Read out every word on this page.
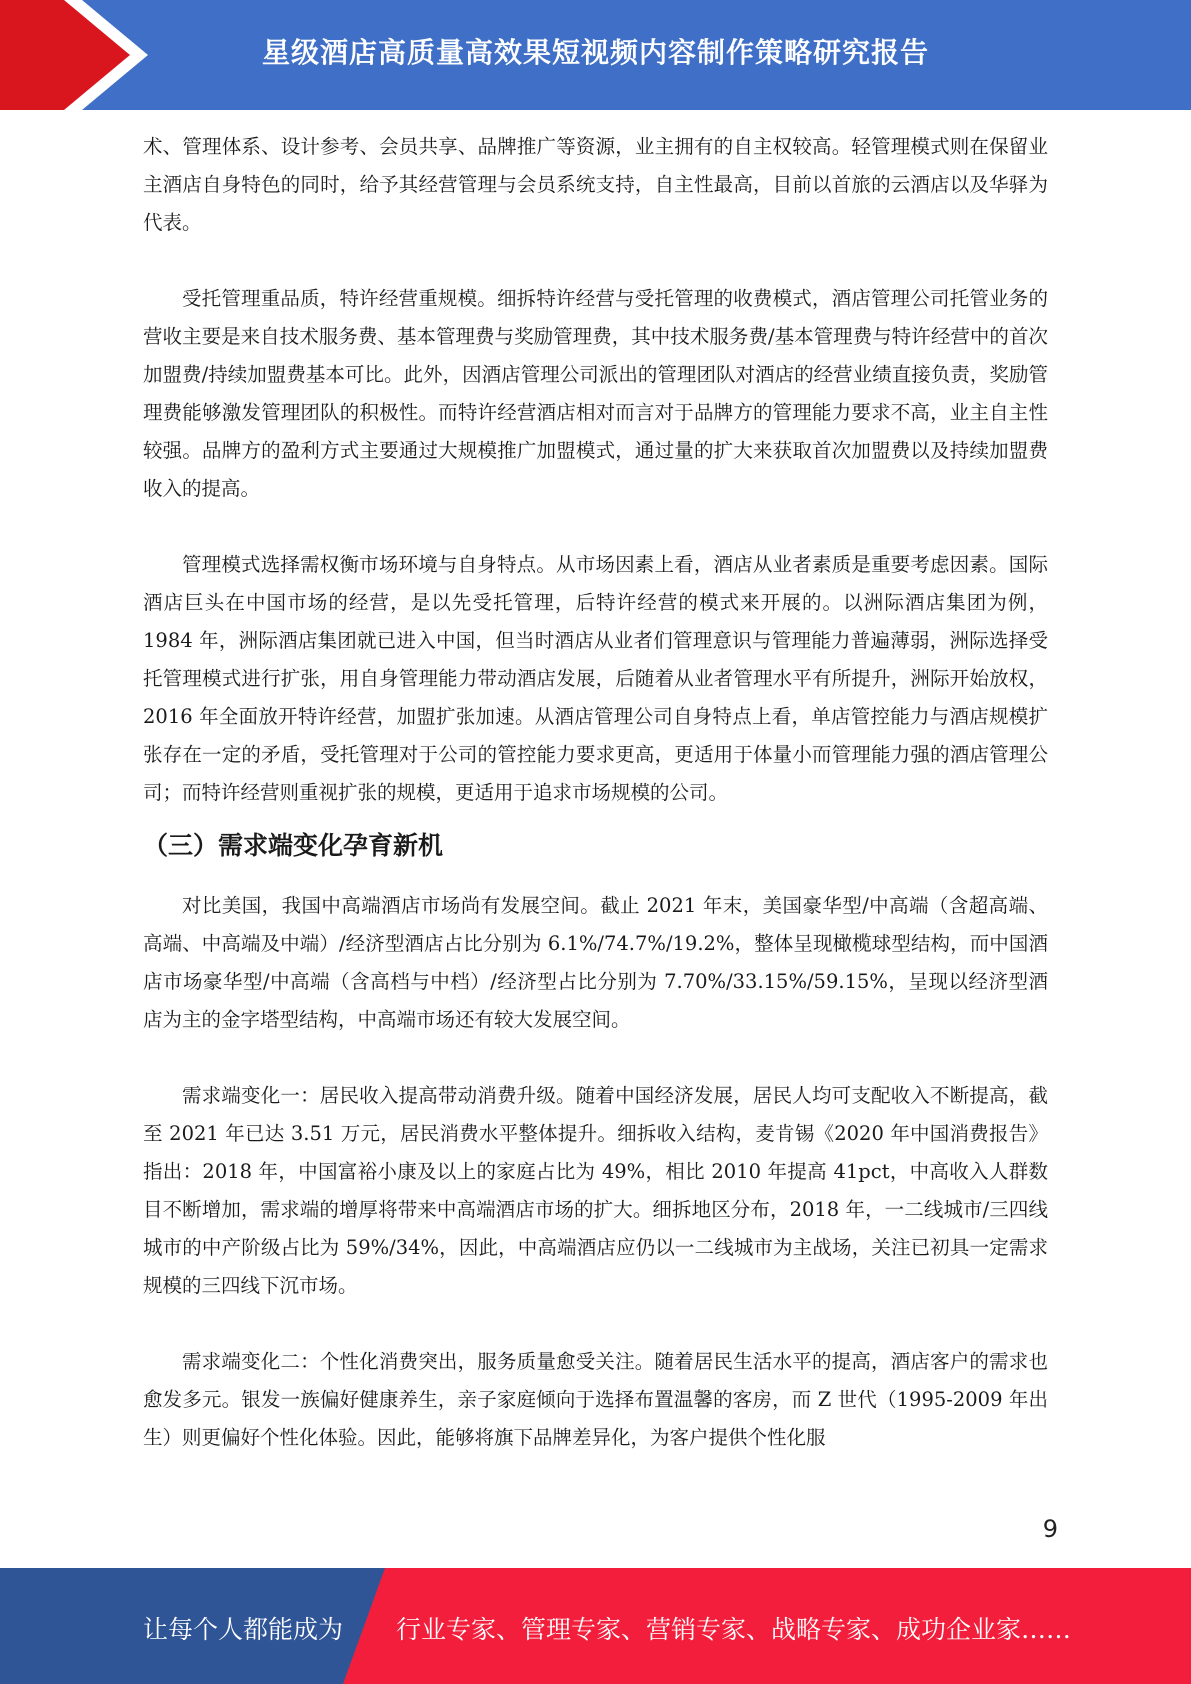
星级酒店高质量高效果短视频内容制作策略研究报告

术、管理体系、设计参考、会员共享、品牌推广等资源，业主拥有的自主权较高。轻管理模式则在保留业主酒店自身特色的同时，给予其经营管理与会员系统支持，自主性最高，目前以首旅的云酒店以及华驿为代表。

受托管理重品质，特许经营重规模。细拆特许经营与受托管理的收费模式，酒店管理公司托管业务的营收主要是来自技术服务费、基本管理费与奖励管理费，其中技术服务费/基本管理费与特许经营中的首次加盟费/持续加盟费基本可比。此外，因酒店管理公司派出的管理团队对酒店的经营业绩直接负责，奖励管理费能够激发管理团队的积极性。而特许经营酒店相对而言对于品牌方的管理能力要求不高，业主自主性较强。品牌方的盈利方式主要通过大规模推广加盟模式，通过量的扩大来获取首次加盟费以及持续加盟费收入的提高。

管理模式选择需权衡市场环境与自身特点。从市场因素上看，酒店从业者素质是重要考虑因素。国际酒店巨头在中国市场的经营，是以先受托管理，后特许经营的模式来开展的。以洲际酒店集团为例，1984 年，洲际酒店集团就已进入中国，但当时酒店从业者们管理意识与管理能力普遍薄弱，洲际选择受托管理模式进行扩张，用自身管理能力带动酒店发展，后随着从业者管理水平有所提升，洲际开始放权，2016 年全面放开特许经营，加盟扩张加速。从酒店管理公司自身特点上看，单店管控能力与酒店规模扩张存在一定的矛盾，受托管理对于公司的管控能力要求更高，更适用于体量小而管理能力强的酒店管理公司；而特许经营则重视扩张的规模，更适用于追求市场规模的公司。

（三）需求端变化孕育新机

对比美国，我国中高端酒店市场尚有发展空间。截止 2021 年末，美国豪华型/中高端（含超高端、高端、中高端及中端）/经济型酒店占比分别为 6.1%/74.7%/19.2%，整体呈现橄榄球型结构，而中国酒店市场豪华型/中高端（含高档与中档）/经济型占比分别为 7.70%/33.15%/59.15%，呈现以经济型酒店为主的金字塔型结构，中高端市场还有较大发展空间。

需求端变化一：居民收入提高带动消费升级。随着中国经济发展，居民人均可支配收入不断提高，截至 2021 年已达 3.51 万元，居民消费水平整体提升。细拆收入结构，麦肯锡《2020 年中国消费报告》指出：2018 年，中国富裕小康及以上的家庭占比为 49%，相比 2010 年提高 41pct，中高收入人群数目不断增加，需求端的增厚将带来中高端酒店市场的扩大。细拆地区分布，2018 年，一二线城市/三四线城市的中产阶级占比为 59%/34%，因此，中高端酒店应仍以一二线城市为主战场，关注已初具一定需求规模的三四线下沉市场。

需求端变化二：个性化消费突出，服务质量愈受关注。随着居民生活水平的提高，酒店客户的需求也愈发多元。银发一族偏好健康养生，亲子家庭倾向于选择布置温馨的客房，而 Z 世代（1995-2009 年出生）则更偏好个性化体验。因此，能够将旗下品牌差异化，为客户提供个性化服

9
让每个人都能成为 行业专家、管理专家、营销专家、战略专家、成功企业家……
